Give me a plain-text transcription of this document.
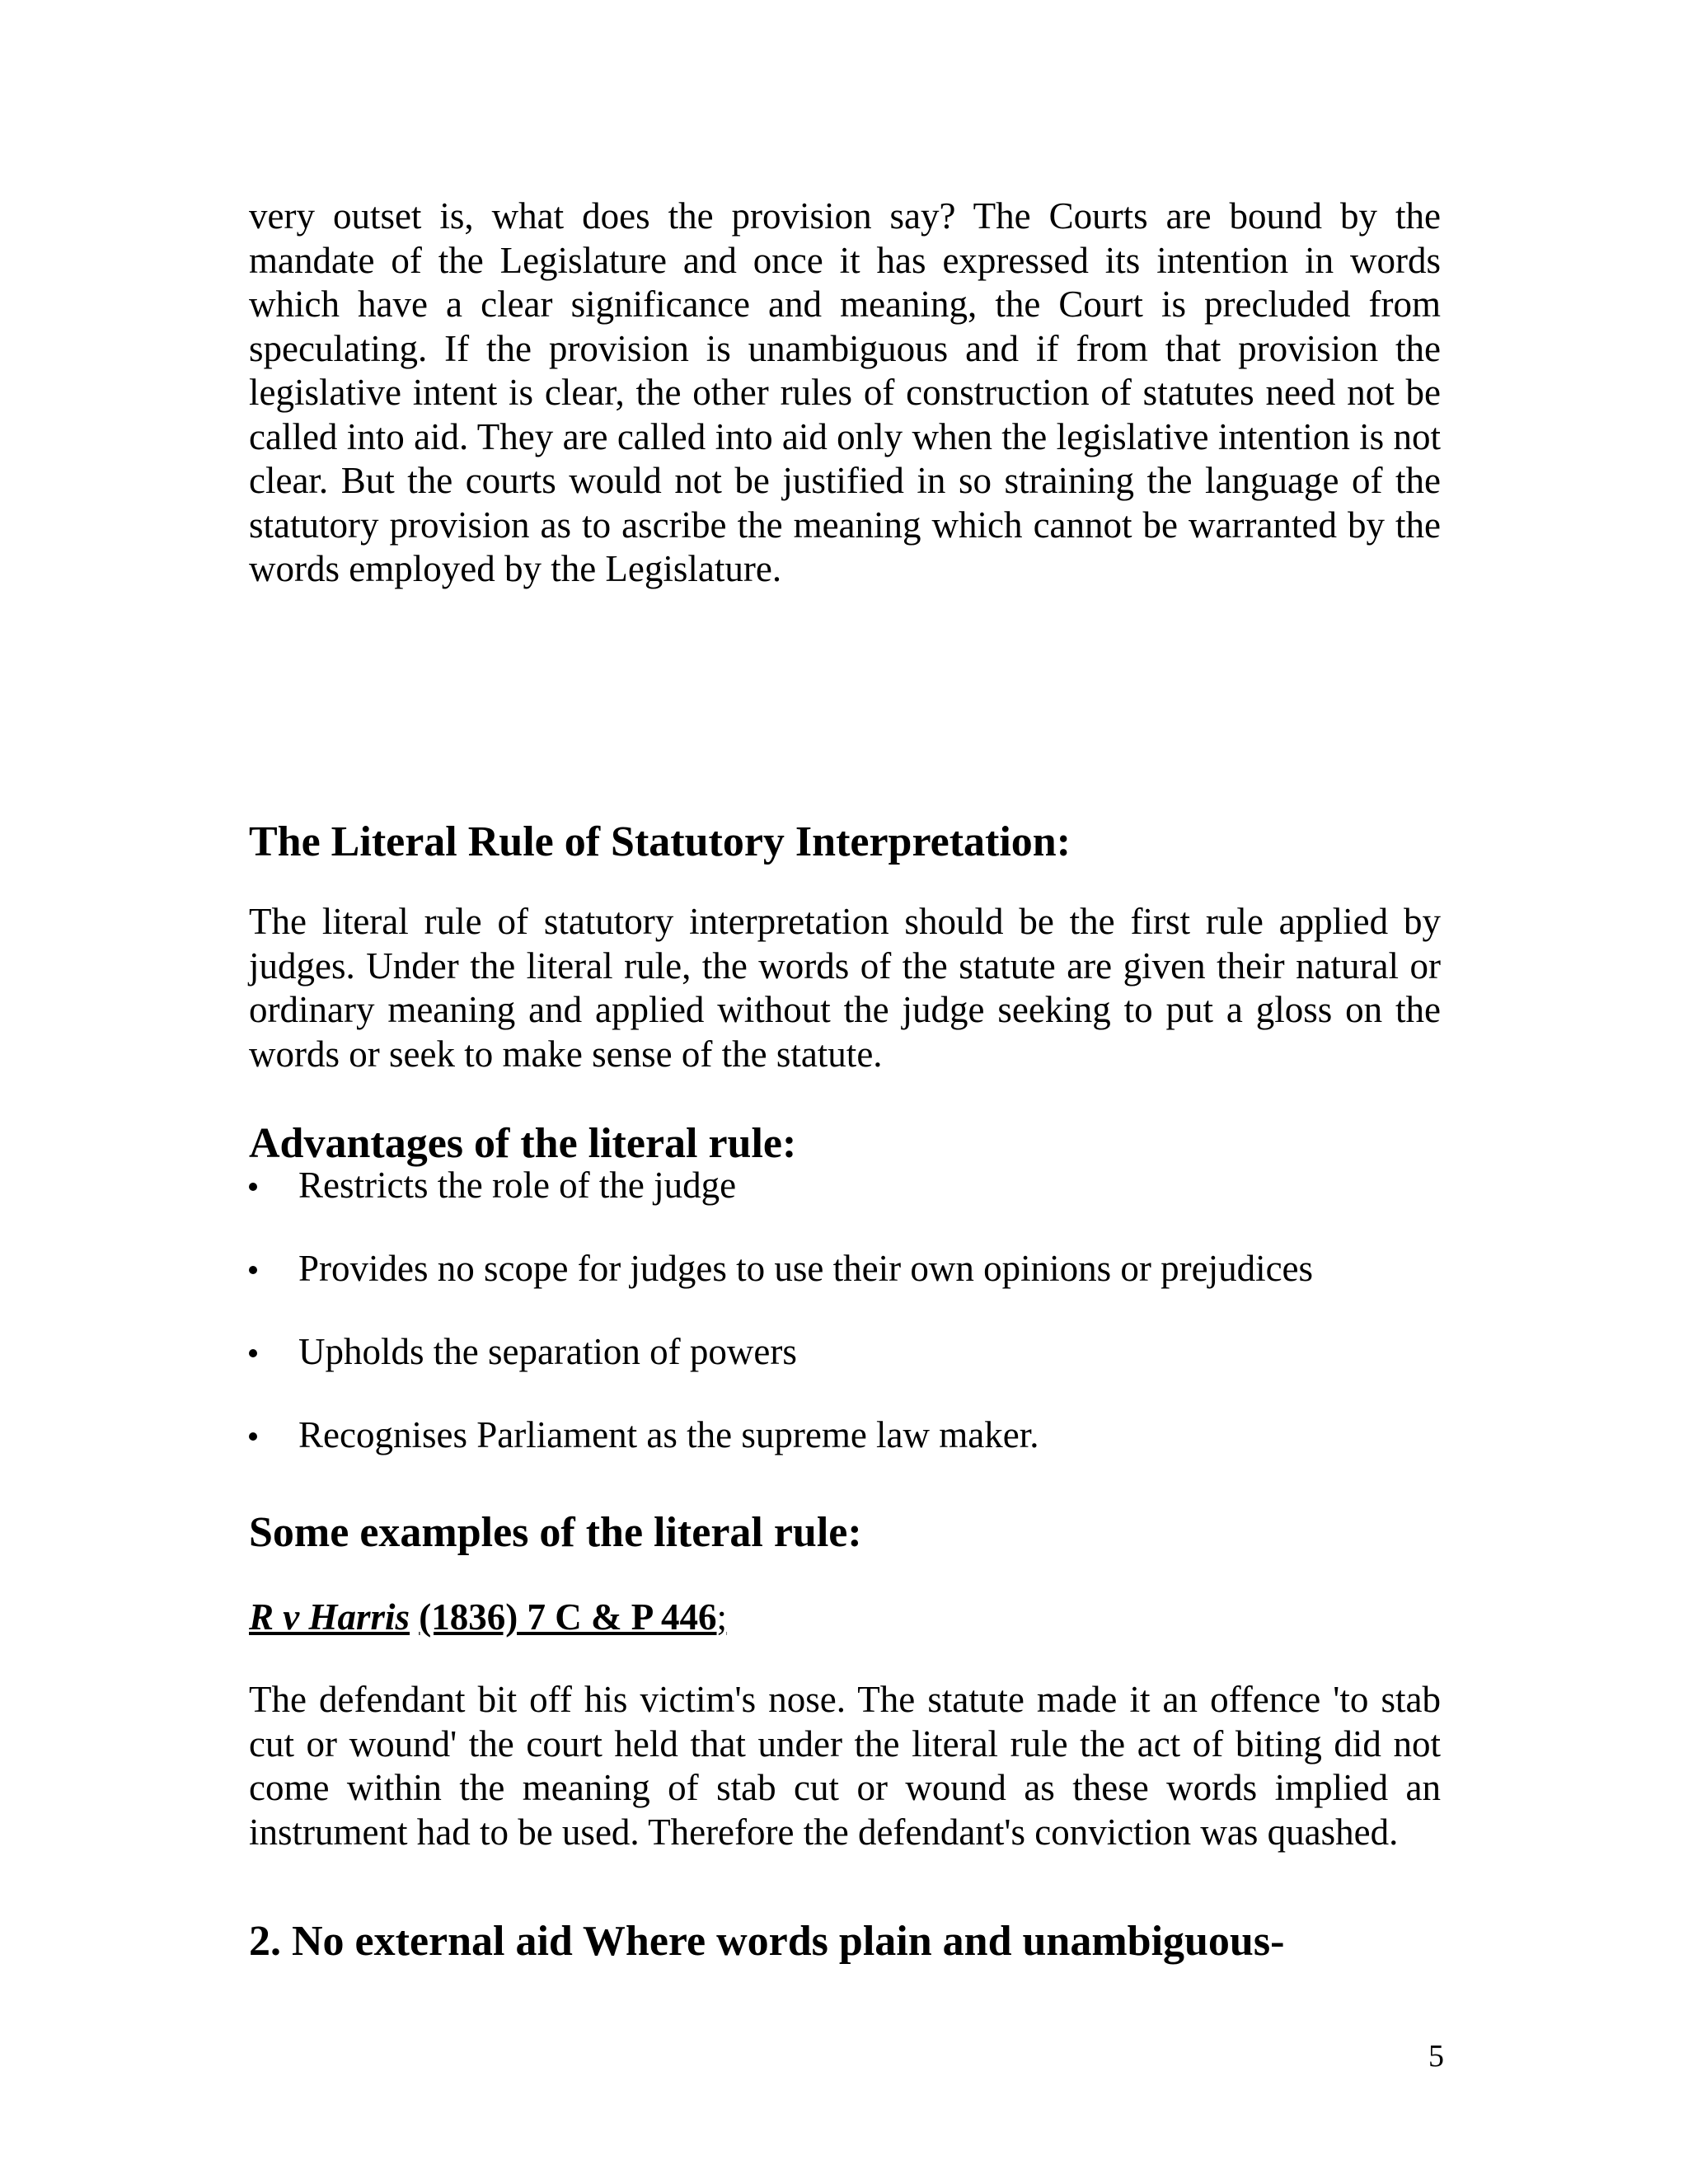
very outset is, what does the provision say? The Courts are bound by the mandate of the Legislature and once it has expressed its intention in words which have a clear significance and meaning, the Court is precluded from speculating. If the provision is unambiguous and if from that provision the legislative intent is clear, the other rules of construction of statutes need not be called into aid. They are called into aid only when the legislative intention is not clear. But the courts would not be justified in so straining the language of the statutory provision as to ascribe the meaning which cannot be warranted by the words employed by the Legislature.

The Literal Rule of Statutory Interpretation:

The literal rule of statutory interpretation should be the first rule applied by judges. Under the literal rule, the words of the statute are given their natural or ordinary meaning and applied without the judge seeking to put a gloss on the words or seek to make sense of the statute.

Advantages of the literal rule:
Restricts the role of the judge
Provides no scope for judges to use their own opinions or prejudices
Upholds the separation of powers
Recognises Parliament as the supreme law maker.
Some examples of the literal rule:

R v Harris (1836) 7 C & P 446;

The defendant bit off his victim's nose. The statute made it an offence 'to stab cut or wound' the court held that under the literal rule the act of biting did not come within the meaning of stab cut or wound as these words implied an instrument had to be used. Therefore the defendant's conviction was quashed.

2. No external aid Where words plain and unambiguous-
5
